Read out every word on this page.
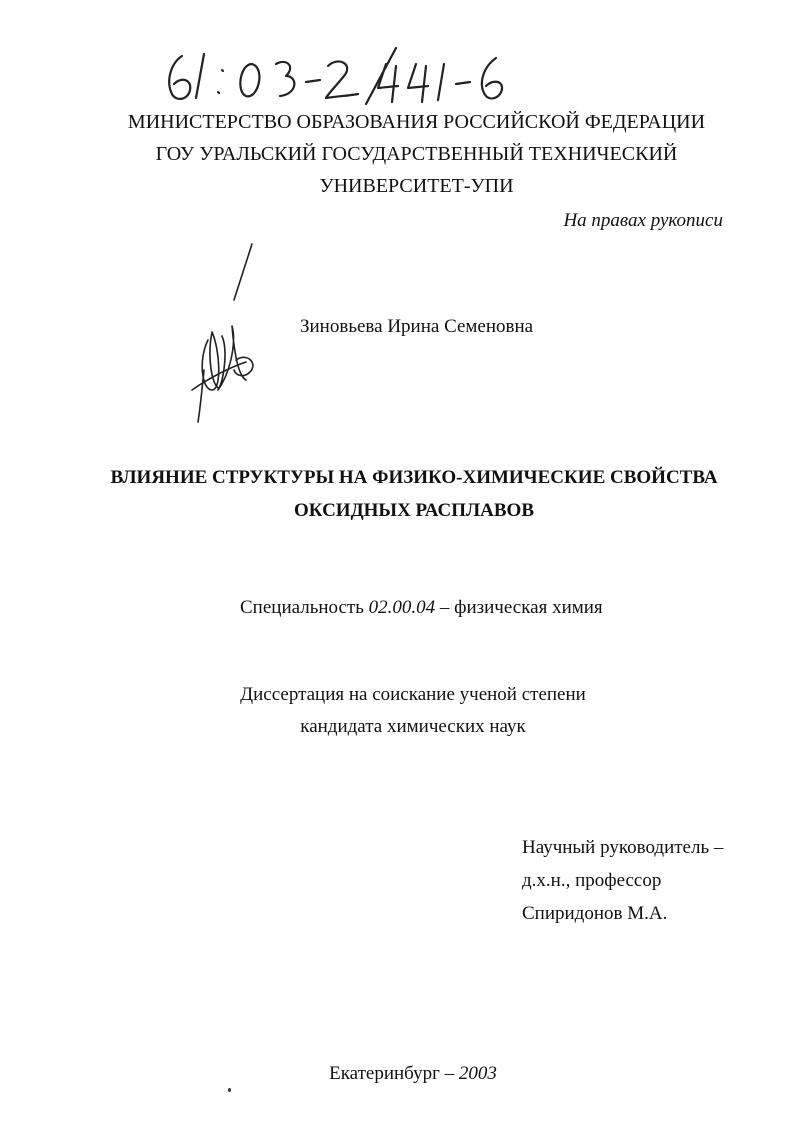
МИНИСТЕРСТВО ОБРАЗОВАНИЯ РОССИЙСКОЙ ФЕДЕРАЦИИ
ГОУ УРАЛЬСКИЙ ГОСУДАРСТВЕННЫЙ ТЕХНИЧЕСКИЙ
УНИВЕРСИТЕТ-УПИ
На правах рукописи
Зиновьева Ирина Семеновна
ВЛИЯНИЕ СТРУКТУРЫ НА ФИЗИКО-ХИМИЧЕСКИЕ СВОЙСТВА
ОКСИДНЫХ РАСПЛАВОВ
Специальность 02.00.04 – физическая химия
Диссертация на соискание ученой степени
кандидата химических наук
Научный руководитель –
д.х.н., профессор
Спиридонов М.А.
Екатеринбург – 2003
